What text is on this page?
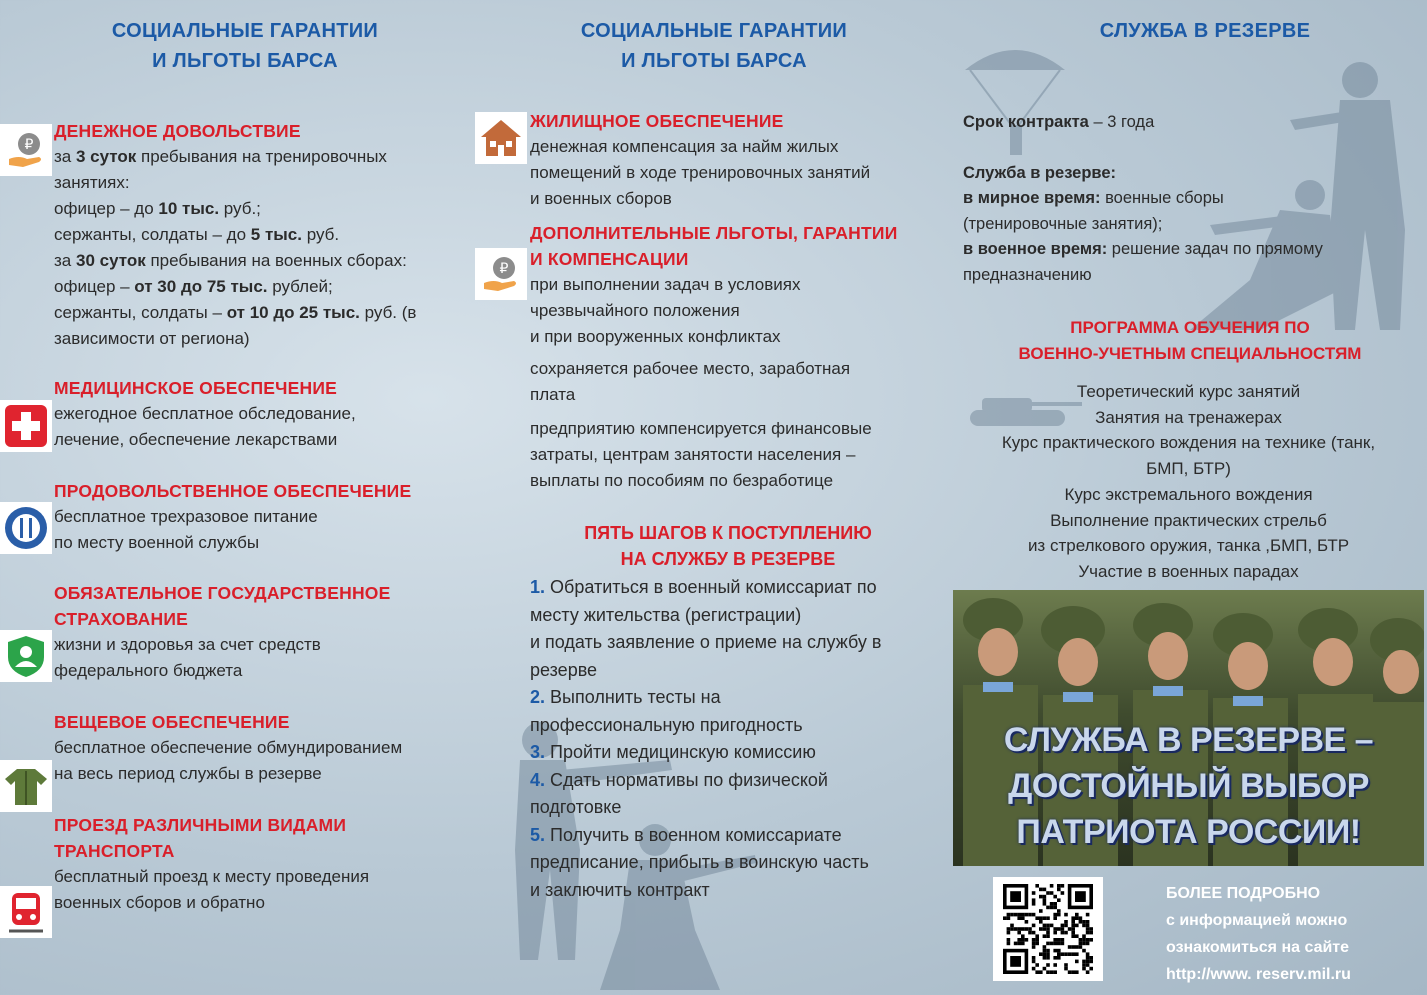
СОЦИАЛЬНЫЕ ГАРАНТИИ
И ЛЬГОТЫ БАРСА
₽
ДЕНЕЖНОЕ ДОВОЛЬСТВИЕ

за 3 суток пребывания на тренировочных

занятиях:

офицер – до 10 тыс. руб.;

сержанты, солдаты – до 5 тыс. руб.

за 30 суток пребывания на военных сборах:

офицер – от 30 до 75 тыс. рублей;

сержанты, солдаты – от 10 до 25 тыс. руб. (в

зависимости от региона)

МЕДИЦИНСКОЕ ОБЕСПЕЧЕНИЕ

ежегодное бесплатное обследование,

лечение, обеспечение лекарствами

ПРОДОВОЛЬСТВЕННОЕ ОБЕСПЕЧЕНИЕ

бесплатное трехразовое питание

по месту военной службы

ОБЯЗАТЕЛЬНОЕ ГОСУДАРСТВЕННОЕ
СТРАХОВАНИЕ

жизни и здоровья за счет средств

федерального бюджета

ВЕЩЕВОЕ ОБЕСПЕЧЕНИЕ

бесплатное обеспечение обмундированием

на весь период службы в резерве

ПРОЕЗД РАЗЛИЧНЫМИ ВИДАМИ
ТРАНСПОРТА

бесплатный проезд к месту проведения

военных сборов и обратно

СОЦИАЛЬНЫЕ ГАРАНТИИ
И ЛЬГОТЫ БАРСА
ЖИЛИЩНОЕ ОБЕСПЕЧЕНИЕ

денежная компенсация за найм жилых

помещений в ходе тренировочных занятий

и военных сборов

₽
ДОПОЛНИТЕЛЬНЫЕ ЛЬГОТЫ, ГАРАНТИИ
И КОМПЕНСАЦИИ

при выполнении задач в условиях

чрезвычайного положения

и при вооруженных конфликтах

сохраняется рабочее место, заработная

плата

предприятию компенсируется финансовые

затраты, центрам занятости населения –

выплаты по пособиям по безработице

ПЯТЬ ШАГОВ К ПОСТУПЛЕНИЮ
НА СЛУЖБУ В РЕЗЕРВЕ

1. Обратиться в военный комиссариат по

месту жительства (регистрации)

и подать заявление о приеме на службу в

резерве

2. Выполнить тесты на

профессиональную пригодность

3. Пройти медицинскую комиссию

4. Сдать нормативы по физической

подготовке

5. Получить в военном комиссариате

предписание, прибыть в воинскую часть

и заключить контракт

СЛУЖБА В РЕЗЕРВЕ

Срок контракта – 3 года

Служба в резерве:

в мирное время: военные сборы

(тренировочные занятия);

в военное время: решение задач по прямому

предназначению

ПРОГРАММА ОБУЧЕНИЯ ПО
ВОЕННО-УЧЕТНЫМ СПЕЦИАЛЬНОСТЯМ

Теоретический курс занятий

Занятия на тренажерах

Курс практического вождения на технике (танк,

БМП, БТР)

Курс экстремального вождения

Выполнение практических стрельб

из стрелкового оружия, танка ,БМП, БТР

Участие в военных парадах

СЛУЖБА В РЕЗЕРВЕ –
ДОСТОЙНЫЙ ВЫБОР
ПАТРИОТА РОССИИ!
БОЛЕЕ ПОДРОБНО
с информацией можно
ознакомиться на сайте
http://www. reserv.mil.ru
